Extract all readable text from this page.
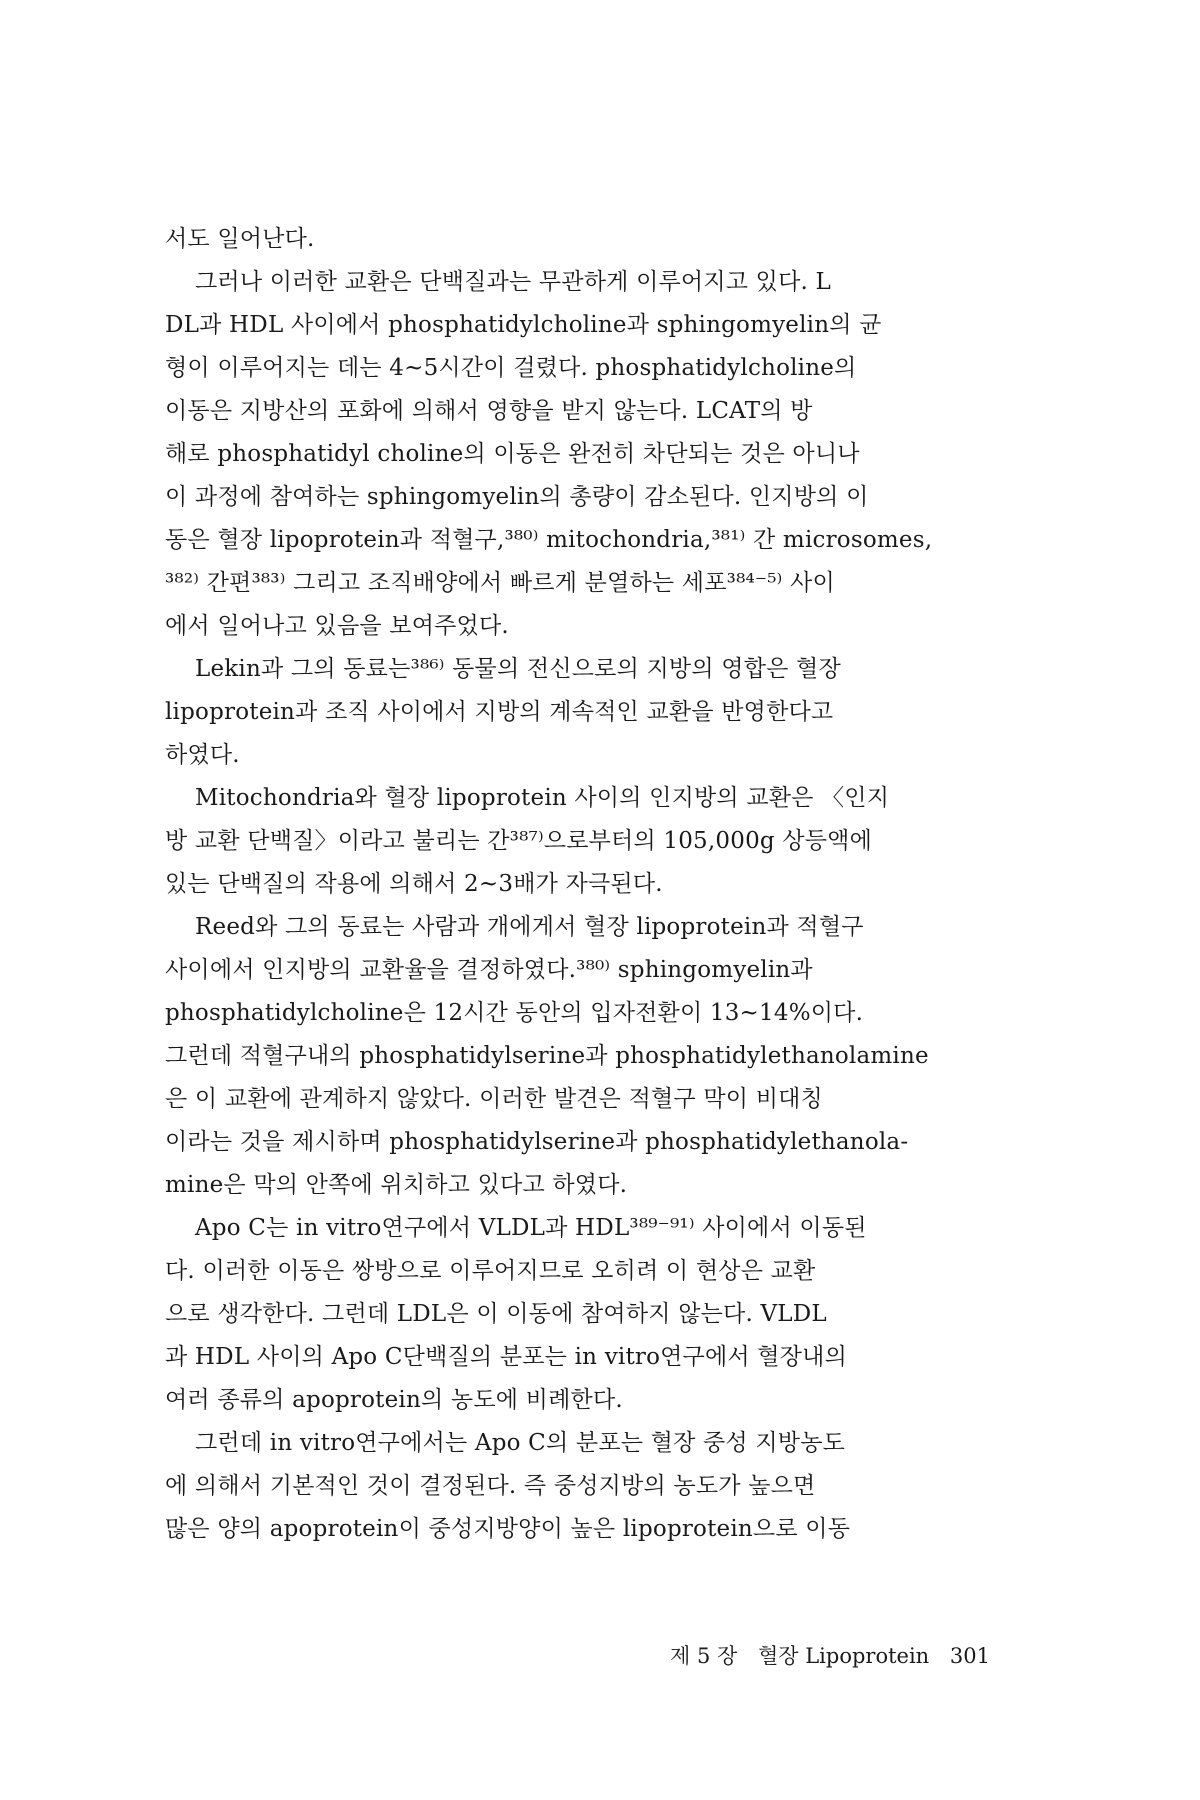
서도 일어난다.
그러나 이러한 교환은 단백질과는 무관하게 이루어지고 있다. L
DL과 HDL 사이에서 phosphatidylcholine과 sphingomyelin의 균
형이 이루어지는 데는 4~5시간이 걸렸다. phosphatidylcholine의
이동은 지방산의 포화에 의해서 영향을 받지 않는다. LCAT의 방
해로 phosphatidyl choline의 이동은 완전히 차단되는 것은 아니나
이 과정에 참여하는 sphingomyelin의 총량이 감소된다. 인지방의 이
동은 혈장 lipoprotein과 적혈구,³⁸⁰⁾ mitochondria,³⁸¹⁾ 간 microsomes,
³⁸²⁾ 간편³⁸³⁾ 그리고 조직배양에서 빠르게 분열하는 세포³⁸⁴⁻⁵⁾ 사이
에서 일어나고 있음을 보여주었다.
Lekin과 그의 동료는³⁸⁶⁾ 동물의 전신으로의 지방의 영합은 혈장
lipoprotein과 조직 사이에서 지방의 계속적인 교환을 반영한다고
하였다.
Mitochondria와 혈장 lipoprotein 사이의 인지방의 교환은 〈인지
방 교환 단백질〉이라고 불리는 간³⁸⁷⁾으로부터의 105,000g 상등액에
있는 단백질의 작용에 의해서 2~3배가 자극된다.
Reed와 그의 동료는 사람과 개에게서 혈장 lipoprotein과 적혈구
사이에서 인지방의 교환율을 결정하였다.³⁸⁰⁾ sphingomyelin과
phosphatidylcholine은 12시간 동안의 입자전환이 13~14%이다.
그런데 적혈구내의 phosphatidylserine과 phosphatidylethanolamine
은 이 교환에 관계하지 않았다. 이러한 발견은 적혈구 막이 비대칭
이라는 것을 제시하며 phosphatidylserine과 phosphatidylethanola-
mine은 막의 안쪽에 위치하고 있다고 하였다.
Apo C는 in vitro연구에서 VLDL과 HDL³⁸⁹⁻⁹¹⁾ 사이에서 이동된
다. 이러한 이동은 쌍방으로 이루어지므로 오히려 이 현상은 교환
으로 생각한다. 그런데 LDL은 이 이동에 참여하지 않는다. VLDL
과 HDL 사이의 Apo C단백질의 분포는 in vitro연구에서 혈장내의
여러 종류의 apoprotein의 농도에 비례한다.
그런데 in vitro연구에서는 Apo C의 분포는 혈장 중성 지방농도
에 의해서 기본적인 것이 결정된다. 즉 중성지방의 농도가 높으면
많은 양의 apoprotein이 중성지방양이 높은 lipoprotein으로 이동
제 5 장 혈장 Lipoprotein 301
